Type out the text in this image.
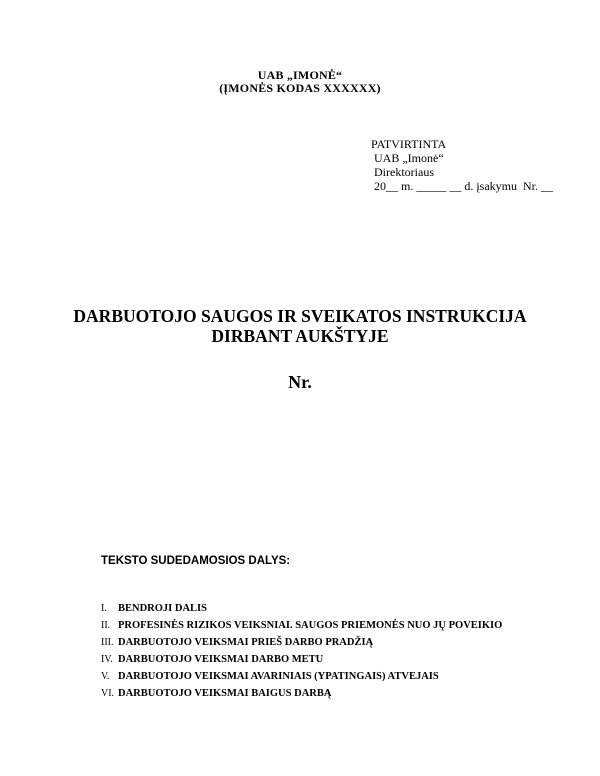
UAB „IMONĖ“
(ĮMONĖS KODAS XXXXXX)
PATVIRTINTA
UAB „Imonė“
Direktoriaus
20__ m. _____ __ d. įsakymu  Nr. __
DARBUOTOJO SAUGOS IR SVEIKATOS INSTRUKCIJA
DIRBANT AUKŠTYJE
Nr.
TEKSTO SUDEDAMOSIOS DALYS:
I. BENDROJI DALIS
II. PROFESINĖS RIZIKOS VEIKSNIAI. SAUGOS PRIEMONĖS NUO JŲ POVEIKIO
III. DARBUOTOJO VEIKSMAI PRIEŠ DARBO PRADŽIĄ
IV. DARBUOTOJO VEIKSMAI DARBO METU
V. DARBUOTOJO VEIKSMAI AVARINIAIS (YPATINGAIS) ATVEJAIS
VI. DARBUOTOJO VEIKSMAI BAIGUS DARBĄ
